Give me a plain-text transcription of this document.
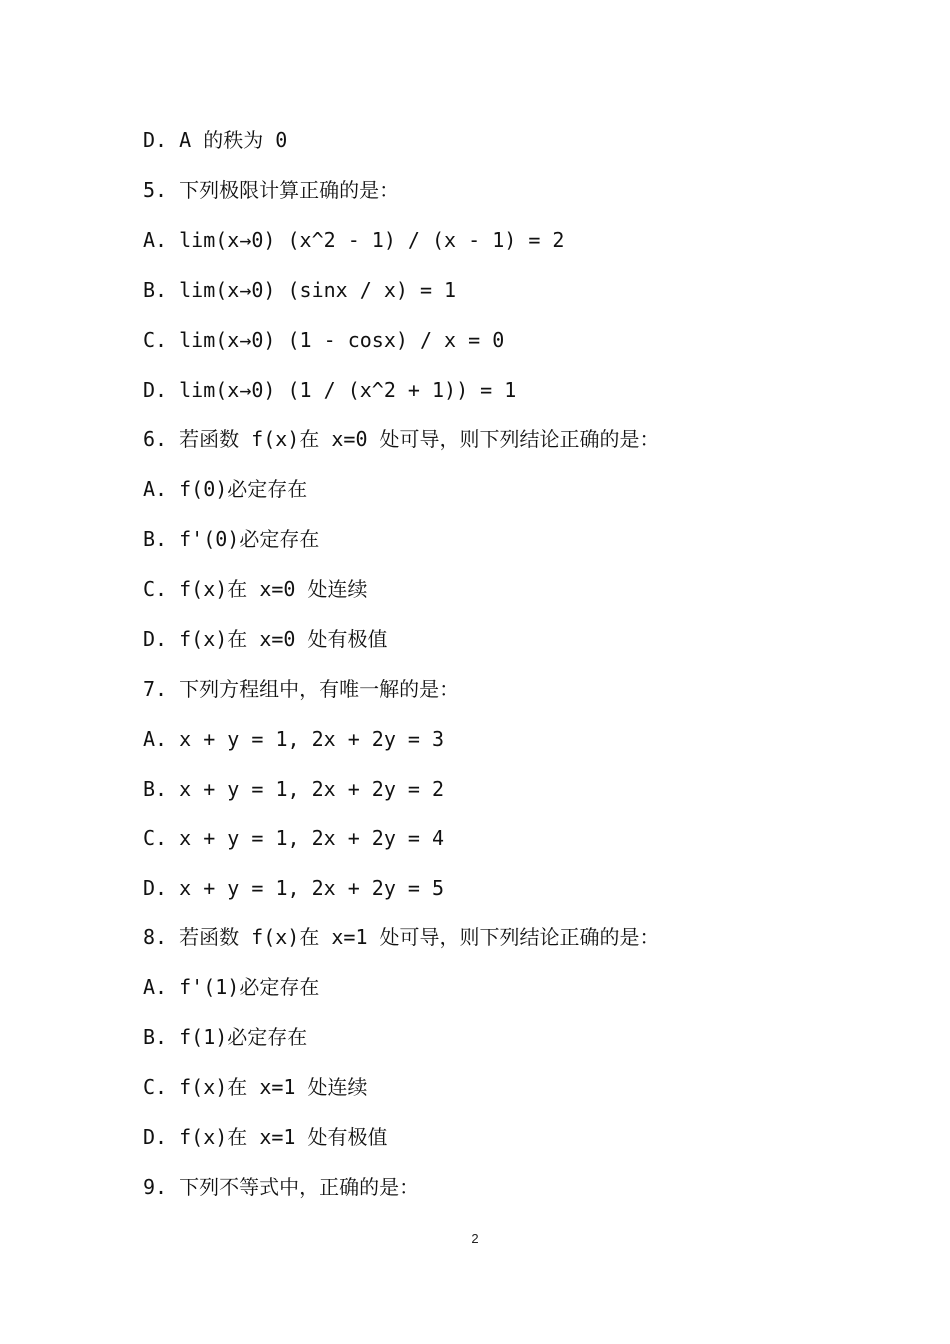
D. A 的秩为 0
5. 下列极限计算正确的是：
A. lim(x→0) (x^2 - 1) / (x - 1) = 2
B. lim(x→0) (sinx / x) = 1
C. lim(x→0) (1 - cosx) / x = 0
D. lim(x→0) (1 / (x^2 + 1)) = 1
6. 若函数 f(x)在 x=0 处可导，则下列结论正确的是：
A. f(0)必定存在
B. f'(0)必定存在
C. f(x)在 x=0 处连续
D. f(x)在 x=0 处有极值
7. 下列方程组中，有唯一解的是：
A. x + y = 1, 2x + 2y = 3
B. x + y = 1, 2x + 2y = 2
C. x + y = 1, 2x + 2y = 4
D. x + y = 1, 2x + 2y = 5
8. 若函数 f(x)在 x=1 处可导，则下列结论正确的是：
A. f'(1)必定存在
B. f(1)必定存在
C. f(x)在 x=1 处连续
D. f(x)在 x=1 处有极值
9. 下列不等式中，正确的是：
2
